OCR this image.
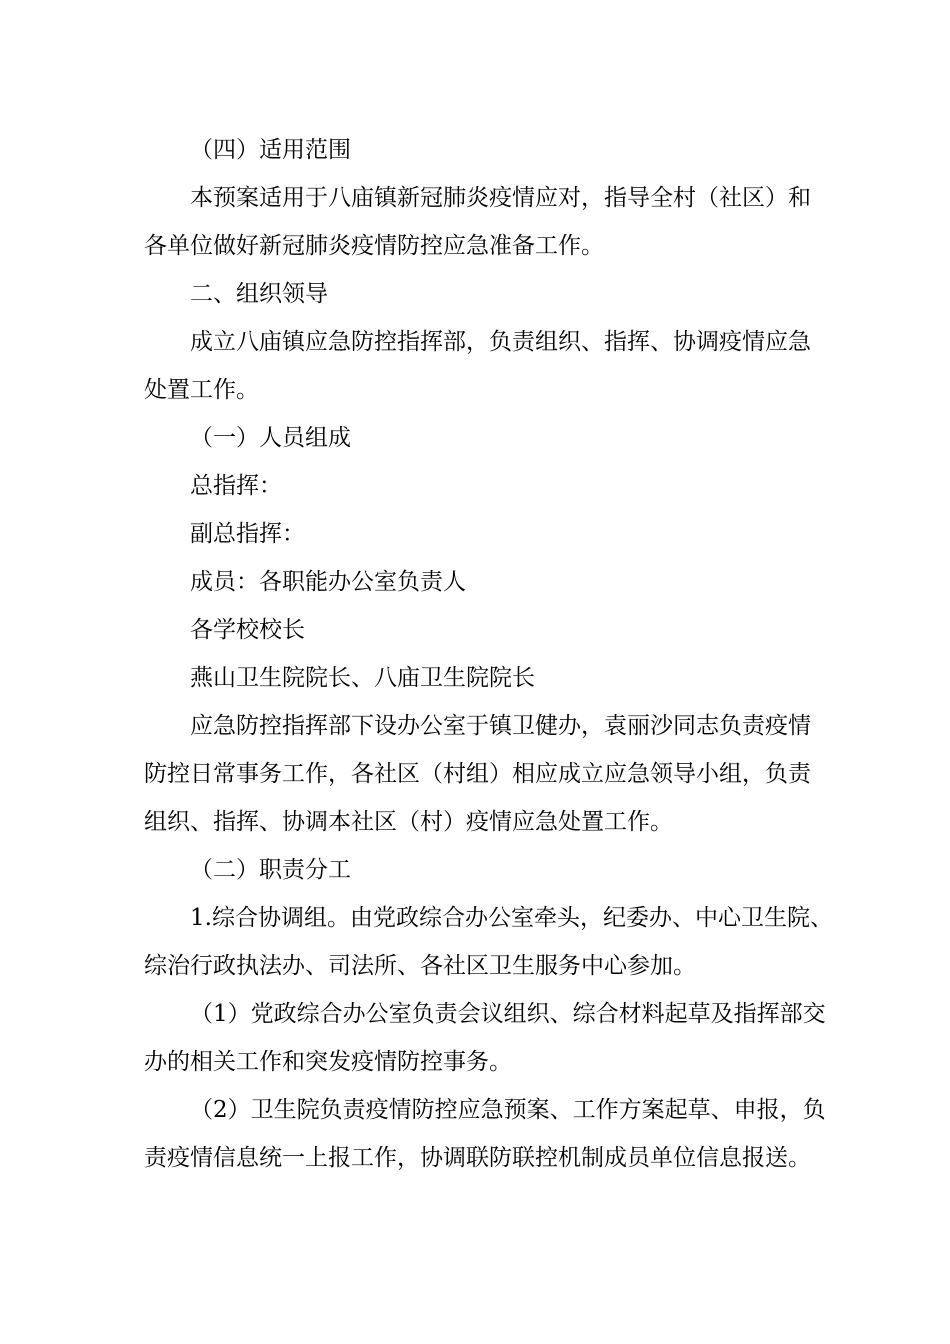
（四）适用范围
本预案适用于八庙镇新冠肺炎疫情应对，指导全村（社区）和
各单位做好新冠肺炎疫情防控应急准备工作。
二、组织领导
成立八庙镇应急防控指挥部，负责组织、指挥、协调疫情应急
处置工作。
（一）人员组成
总指挥：
副总指挥：
成员：各职能办公室负责人
各学校校长
燕山卫生院院长、八庙卫生院院长
应急防控指挥部下设办公室于镇卫健办，袁丽沙同志负责疫情
防控日常事务工作，各社区（村组）相应成立应急领导小组，负责
组织、指挥、协调本社区（村）疫情应急处置工作。
（二）职责分工
1.综合协调组。由党政综合办公室牵头，纪委办、中心卫生院、
综治行政执法办、司法所、各社区卫生服务中心参加。
（1）党政综合办公室负责会议组织、综合材料起草及指挥部交
办的相关工作和突发疫情防控事务。
（2）卫生院负责疫情防控应急预案、工作方案起草、申报，负
责疫情信息统一上报工作，协调联防联控机制成员单位信息报送。
